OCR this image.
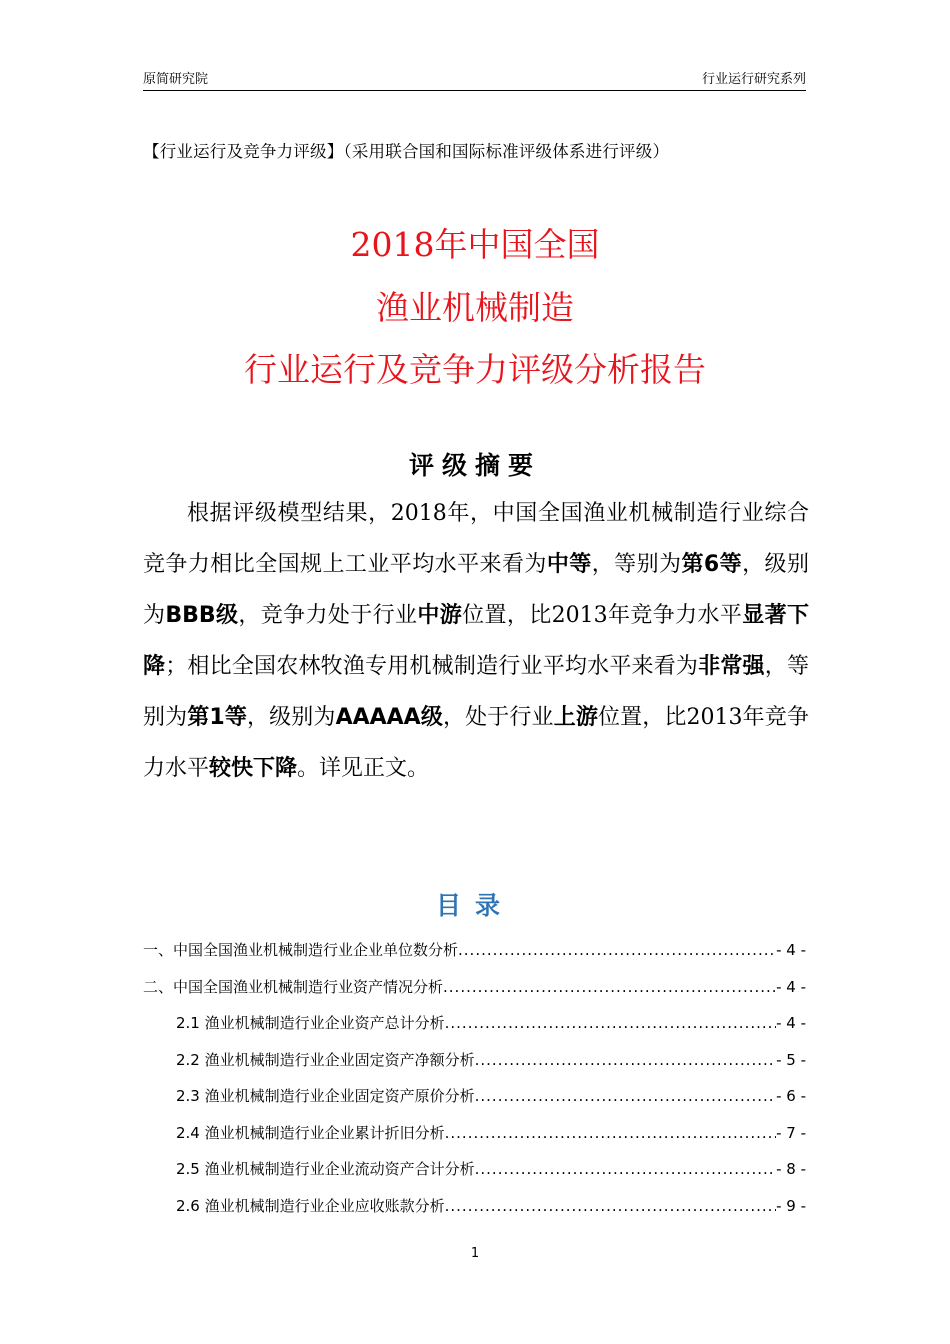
原简研究院	行业运行研究系列
【行业运行及竞争力评级】（采用联合国和国际标准评级体系进行评级）
2018年中国全国
渔业机械制造
行业运行及竞争力评级分析报告
评级摘要
根据评级模型结果，2018年，中国全国渔业机械制造行业综合竞争力相比全国规上工业平均水平来看为中等，等别为第6等，级别为BBB级，竞争力处于行业中游位置，比2013年竞争力水平显著下降；相比全国农林牧渔专用机械制造行业平均水平来看为非常强，等别为第1等，级别为AAAAA级，处于行业上游位置，比2013年竞争力水平较快下降。详见正文。
目录
一、中国全国渔业机械制造行业企业单位数分析 .....	- 4 -
二、中国全国渔业机械制造行业资产情况分析 .....	- 4 -
2.1 渔业机械制造行业企业资产总计分析 .....	- 4 -
2.2 渔业机械制造行业企业固定资产净额分析 .....	- 5 -
2.3 渔业机械制造行业企业固定资产原价分析 .....	- 6 -
2.4 渔业机械制造行业企业累计折旧分析 .....	- 7 -
2.5 渔业机械制造行业企业流动资产合计分析 .....	- 8 -
2.6 渔业机械制造行业企业应收账款分析 .....	- 9 -
1
